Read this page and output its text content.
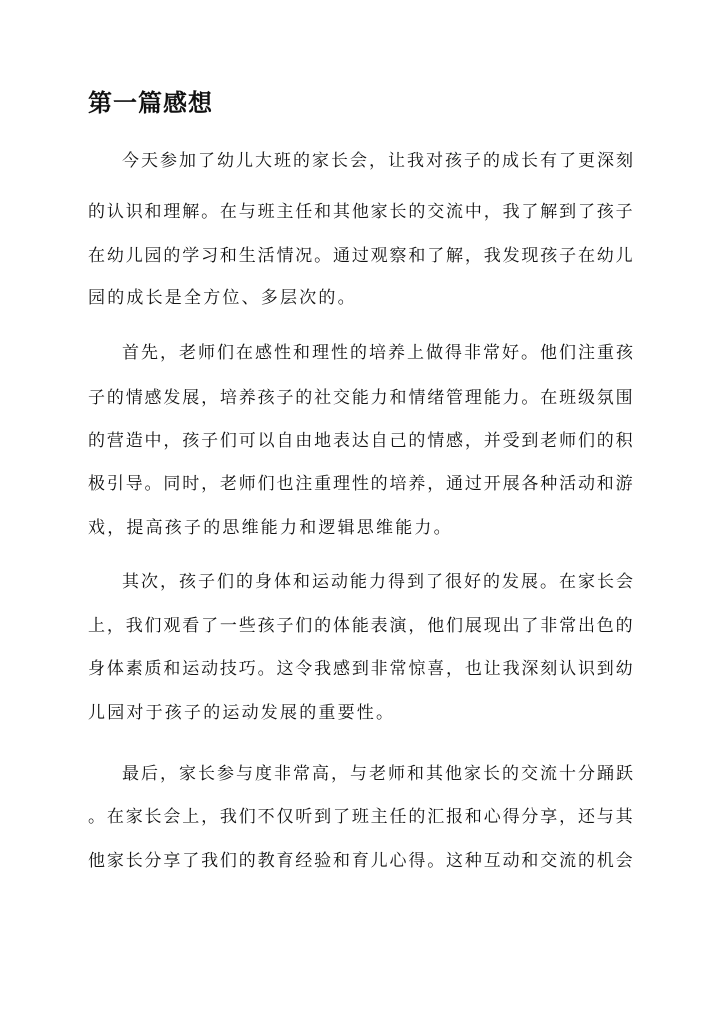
第一篇感想
今 天 参 加 了 幼 儿 大 班 的 家 长 会 ， 让 我 对 孩 子 的 成 长 有 了 更 深 刻
的 认 识 和 理 解 。 在 与 班 主 任 和 其 他 家 长 的 交 流 中 ， 我 了 解 到 了 孩 子
在 幼 儿 园 的 学 习 和 生 活 情 况 。 通 过 观 察 和 了 解 ， 我 发 现 孩 子 在 幼 儿
园的成长是全方位、多层次的。
首 先 ， 老 师 们 在 感 性 和 理 性 的 培 养 上 做 得 非 常 好 。 他 们 注 重 孩
子 的 情 感 发 展 ， 培 养 孩 子 的 社 交 能 力 和 情 绪 管 理 能 力 。 在 班 级 氛 围
的 营 造 中 ， 孩 子 们 可 以 自 由 地 表 达 自 己 的 情 感 ， 并 受 到 老 师 们 的 积
极 引 导 。 同 时 ， 老 师 们 也 注 重 理 性 的 培 养 ， 通 过 开 展 各 种 活 动 和 游
戏，提高孩子的思维能力和逻辑思维能力。
其 次 ， 孩 子 们 的 身 体 和 运 动 能 力 得 到 了 很 好 的 发 展 。 在 家 长 会
上 ， 我 们 观 看 了 一 些 孩 子 们 的 体 能 表 演 ， 他 们 展 现 出 了 非 常 出 色 的
身 体 素 质 和 运 动 技 巧 。 这 令 我 感 到 非 常 惊 喜 ， 也 让 我 深 刻 认 识 到 幼
儿园对于孩子的运动发展的重要性。
最 后 ， 家 长 参 与 度 非 常 高 ， 与 老 师 和 其 他 家 长 的 交 流 十 分 踊 跃
。 在 家 长 会 上 ， 我 们 不 仅 听 到 了 班 主 任 的 汇 报 和 心 得 分 享 ， 还 与 其
他 家 长 分 享 了 我 们 的 教 育 经 验 和 育 儿 心 得 。 这 种 互 动 和 交 流 的 机 会
